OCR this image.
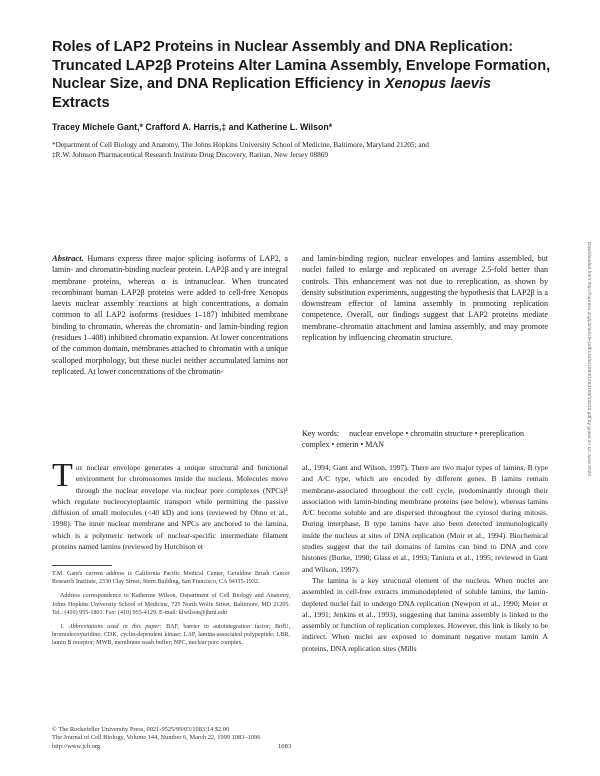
Roles of LAP2 Proteins in Nuclear Assembly and DNA Replication: Truncated LAP2β Proteins Alter Lamina Assembly, Envelope Formation, Nuclear Size, and DNA Replication Efficiency in Xenopus laevis Extracts
Tracey Michele Gant,* Crafford A. Harris,‡ and Katherine L. Wilson*
*Department of Cell Biology and Anatomy, The Johns Hopkins University School of Medicine, Baltimore, Maryland 21205; and
‡R.W. Johnson Pharmaceutical Research Institute Drug Discovery, Raritan, New Jersey 08869
Abstract. Humans express three major splicing isoforms of LAP2, a lamin- and chromatin-binding nuclear protein. LAP2β and γ are integral membrane proteins, whereas α is intranuclear. When truncated recombinant human LAP2β proteins were added to cell-free Xenopus laevis nuclear assembly reactions at high concentrations, a domain common to all LAP2 isoforms (residues 1–187) inhibited membrane binding to chromatin, whereas the chromatin- and lamin-binding region (residues 1–408) inhibited chromatin expansion. At lower concentrations of the common domain, membranes attached to chromatin with a unique scalloped morphology, but these nuclei neither accumulated lamins nor replicated. At lower concentrations of the chromatin-
and lamin-binding region, nuclear envelopes and lamins assembled, but nuclei failed to enlarge and replicated on average 2.5-fold better than controls. This enhancement was not due to rereplication, as shown by density substitution experiments, suggesting the hypothesis that LAP2β is a downstream effector of lamina assembly in promoting replication competence. Overall, our findings suggest that LAP2 proteins mediate membrane–chromatin attachment and lamina assembly, and may promote replication by influencing chromatin structure.
Key words: nuclear envelope • chromatin structure • prereplication complex • emerin • MAN

The nuclear envelope generates a unique structural and functional environment for chromosomes inside the nucleus. Molecules move through the nuclear envelope via nuclear pore complexes (NPCs)¹ which regulate nucleocytoplasmic transport while permitting the passive diffusion of small molecules (<40 kD) and ions (reviewed by Ohno et al., 1998). The inner nuclear membrane and NPCs are anchored to the lamina, which is a polymeric network of nuclear-specific intermediate filament proteins named lamins (reviewed by Hutchison et

al., 1994; Gant and Wilson, 1997). There are two major types of lamins, B type and A/C type, which are encoded by different genes. B lamins remain membrane-associated throughout the cell cycle, predominantly through their association with lamin-binding membrane proteins (see below), whereas lamins A/C become soluble and are dispersed throughout the cytosol during mitosis. During interphase, B type lamins have also been detected immunologically inside the nucleus at sites of DNA replication (Moir et al., 1994). Biochemical studies suggest that the tail domains of lamins can bind to DNA and core histones (Burke, 1990; Glass et al., 1993; Taniura et al., 1995; reviewed in Gant and Wilson, 1997).

The lamina is a key structural element of the nucleus. When nuclei are assembled in cell-free extracts immunodepleted of soluble lamins, the lamin-depleted nuclei fail to undergo DNA replication (Newport et al., 1990; Meier et al., 1991; Jenkins et al., 1993), suggesting that lamina assembly is linked to the assembly or function of replication complexes. However, this link is likely to be indirect. When nuclei are exposed to dominant negative mutant lamin A proteins, DNA replication sites (Mills

T.M. Gant's current address is California Pacific Medical Center, Geraldine Brush Cancer Research Institute, 2330 Clay Street, Stern Building, San Francisco, CA 94115-1932.

Address correspondence to Katherine Wilson, Department of Cell Biology and Anatomy, Johns Hopkins University School of Medicine, 725 North Wolfe Street, Baltimore, MD 21205. Tel.: (410) 955-1801. Fax: (410) 955-4129. E-mail: klwilson@jhmi.edu

1. Abbreviations used in this paper: BAF, barrier to autointegration factor; BrdU, bromodeoxyuridine; CDK, cyclin-dependent kinase; LAP, lamina-associated polypeptide; LBR, lamin B receptor; MWB, membrane wash buffer; NPC, nuclear pore complex.

© The Rockefeller University Press, 0021-9525/99/03/1083/14 $2.00
The Journal of Cell Biology, Volume 144, Number 6, March 22, 1999 1083–1096
http://www.jcb.org	1083
Downloaded from http://rupress.org/jcb/article-pdf/144/6/1083/1283180/13220.pdf by guest on 12 June 2020
